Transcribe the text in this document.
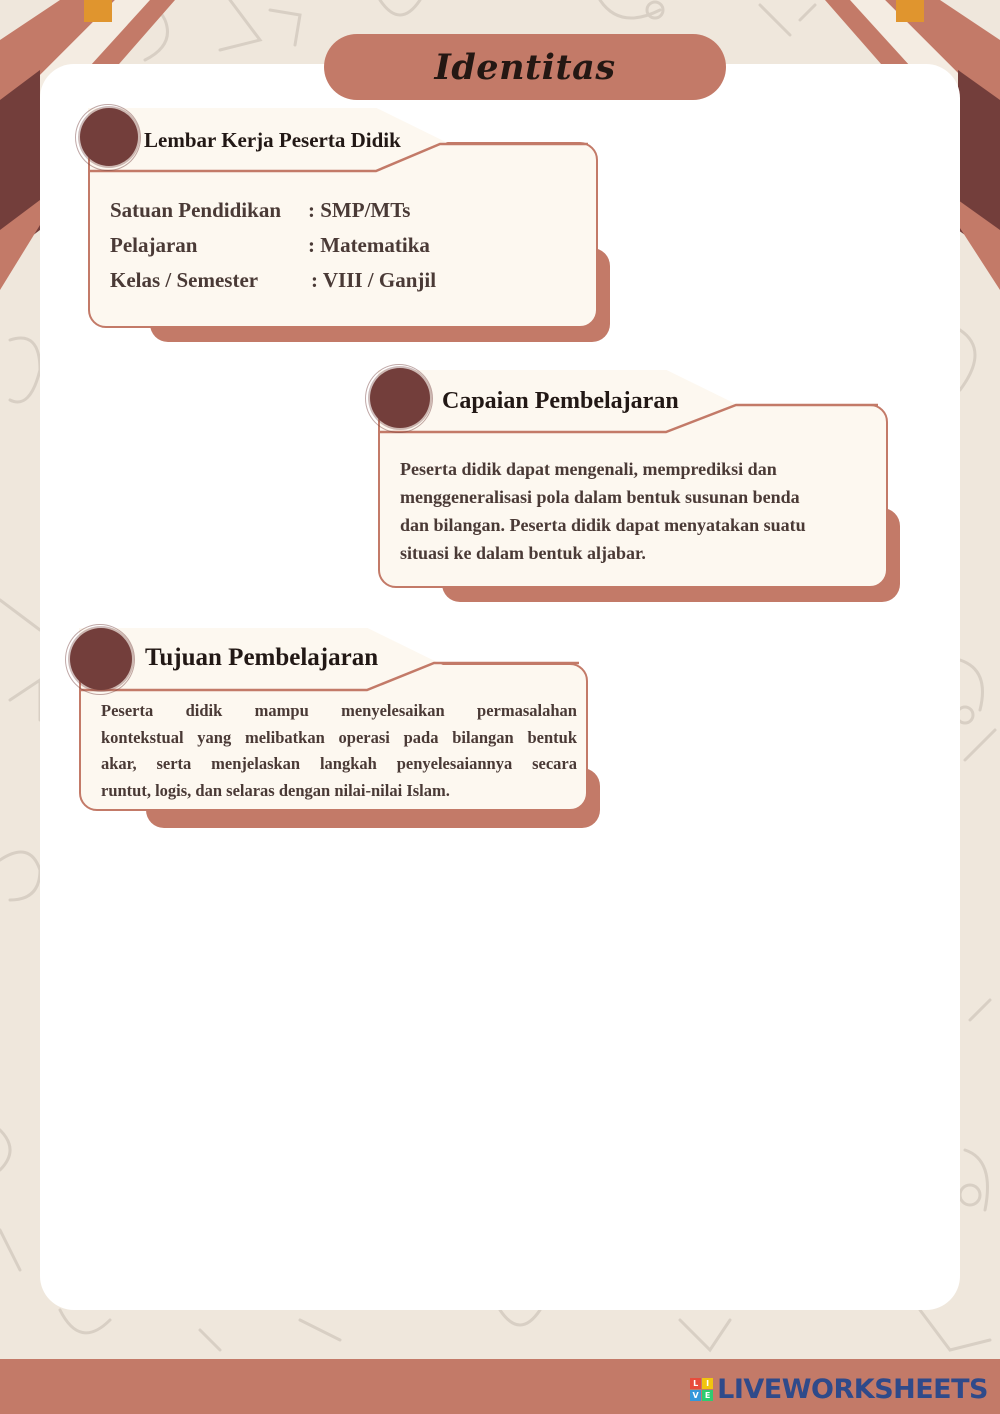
Identitas
Lembar Kerja Peserta Didik
Satuan Pendidikan : SMP/MTs
Pelajaran	: Matematika
Kelas / Semester	: VIII / Ganjil
Capaian Pembelajaran
Peserta didik dapat mengenali, memprediksi dan
menggeneralisasi pola dalam bentuk susunan benda
dan bilangan. Peserta didik dapat menyatakan suatu
situasi ke dalam bentuk aljabar.
Tujuan Pembelajaran
Peserta didik mampu menyelesaikan permasalahan
kontekstual yang melibatkan operasi pada bilangan bentuk
akar, serta menjelaskan langkah penyelesaiannya secara
runtut, logis, dan selaras dengan nilai-nilai Islam.
L I
V E LIVEWORKSHEETS
